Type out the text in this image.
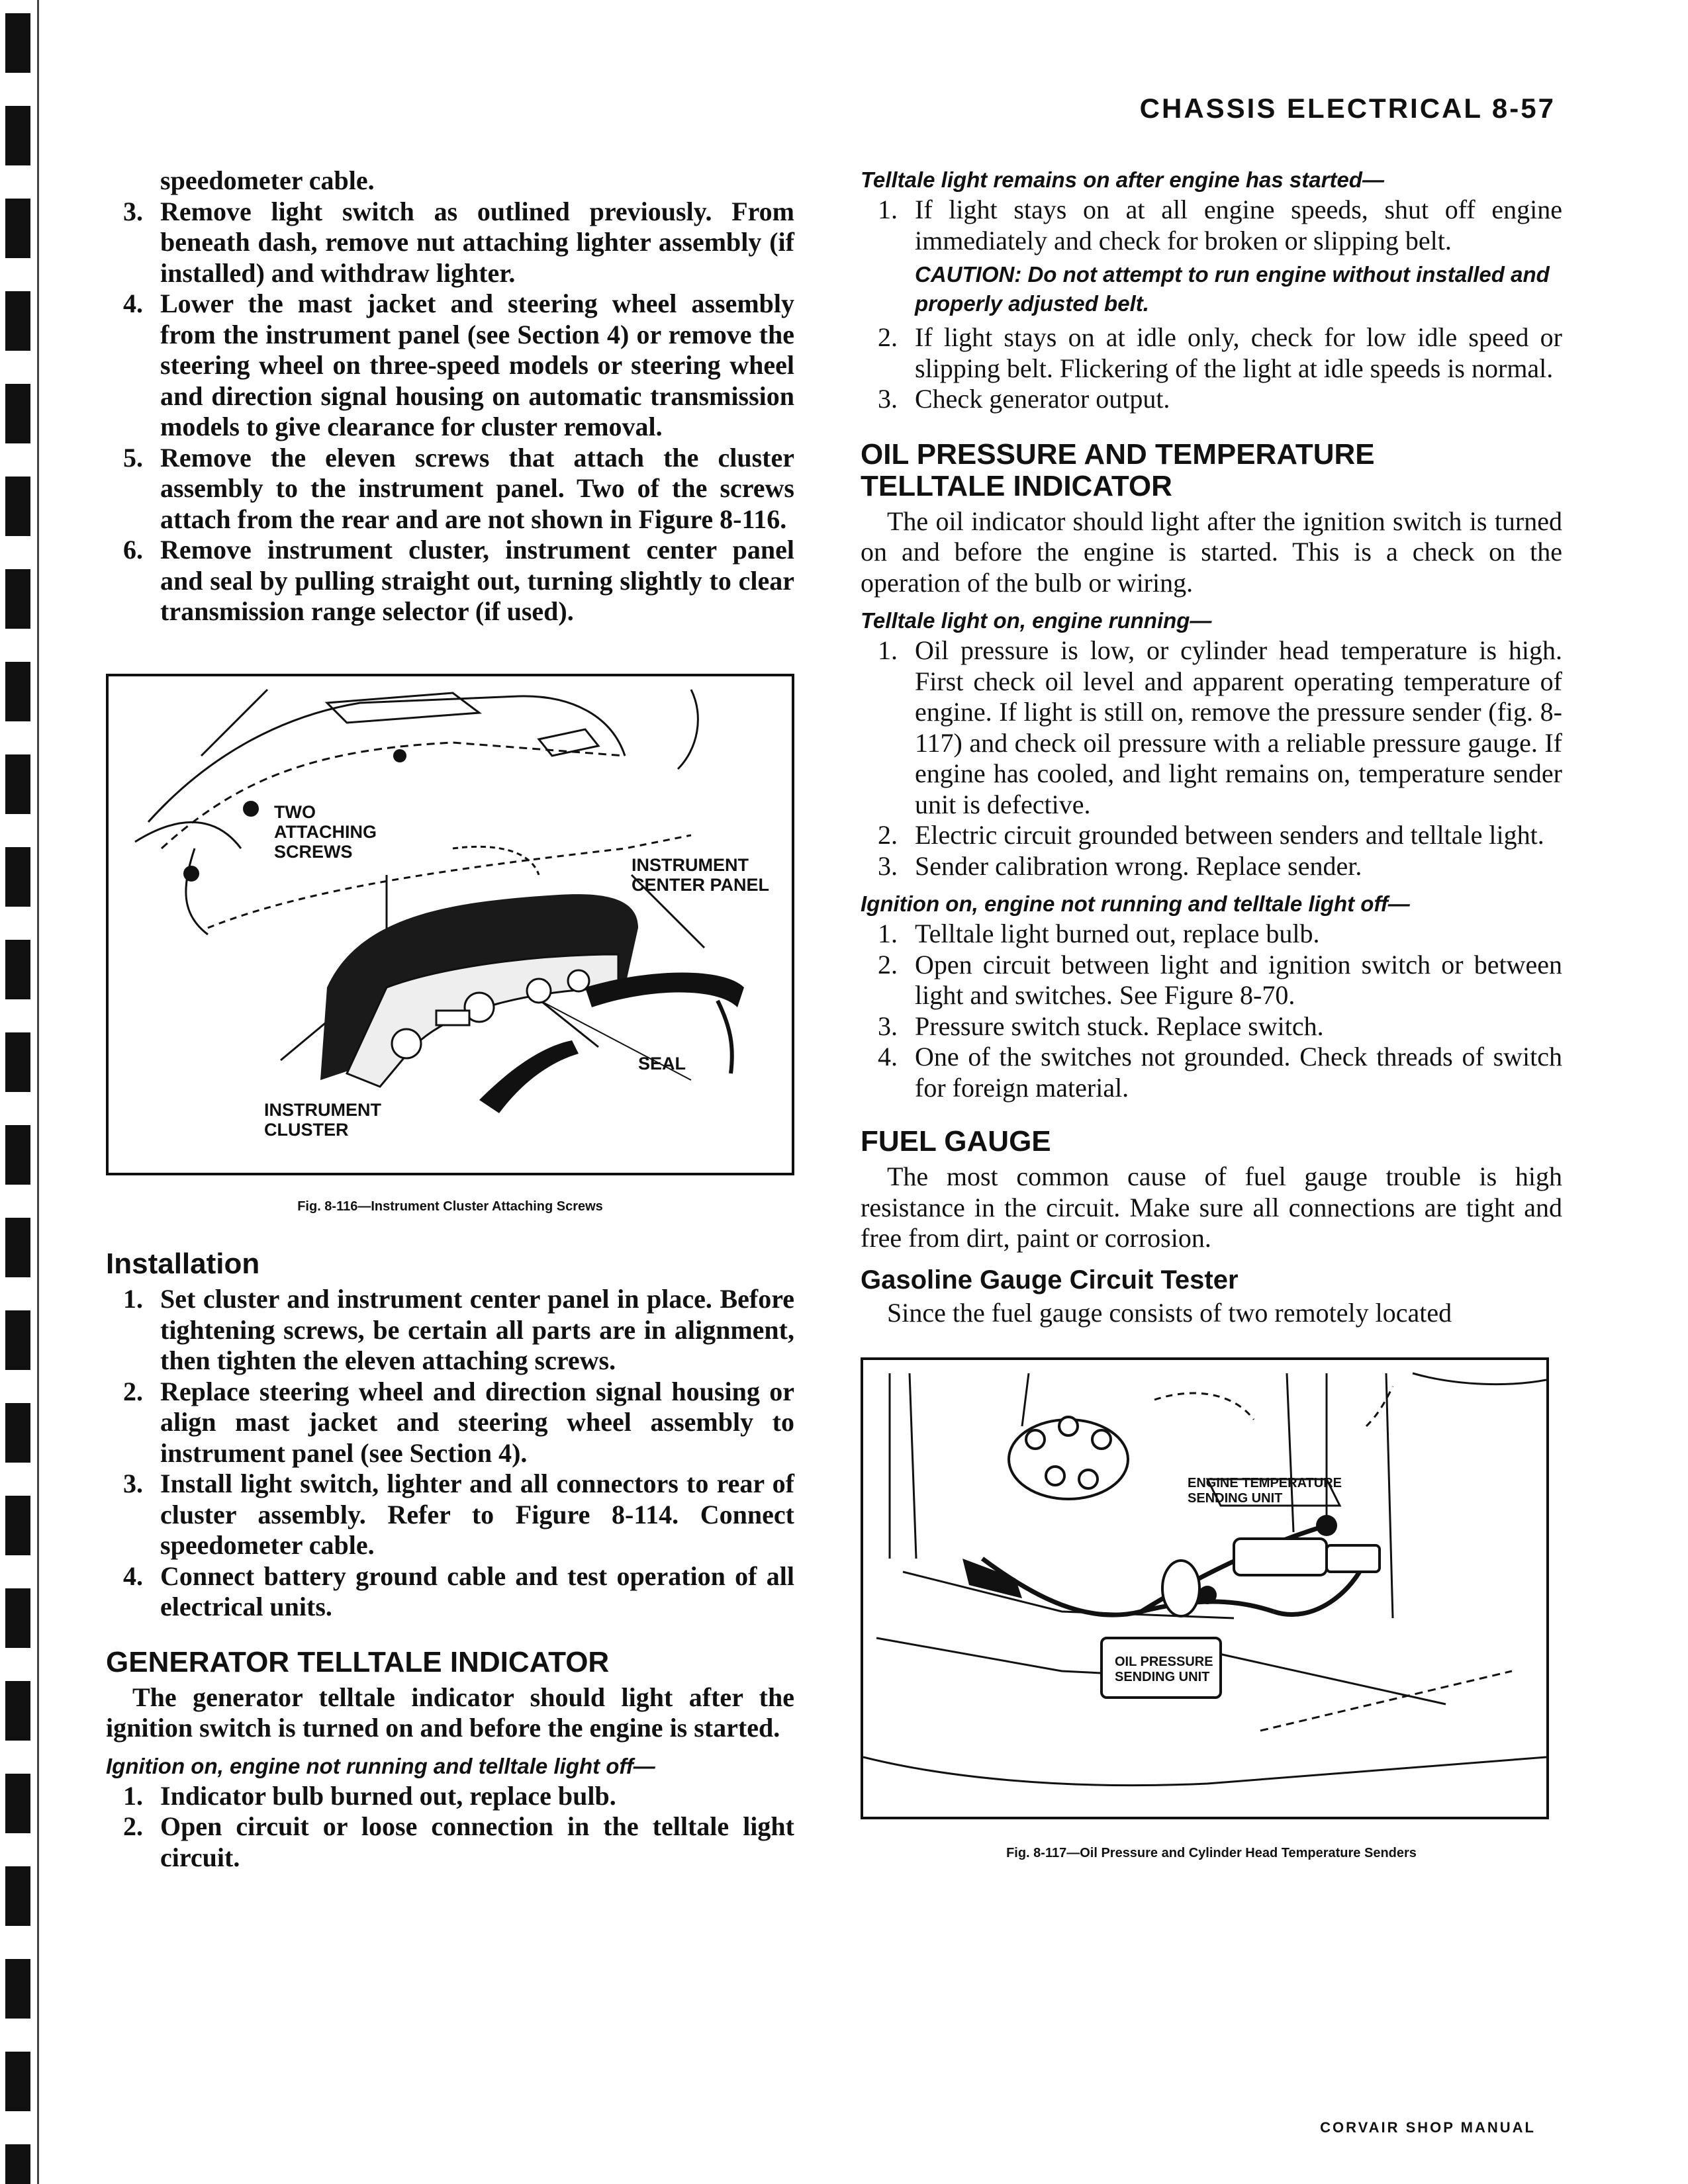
CHASSIS ELECTRICAL 8-57

speedometer cable.

3. Remove light switch as outlined previously. From beneath dash, remove nut attaching lighter assembly (if installed) and withdraw lighter.
4. Lower the mast jacket and steering wheel assembly from the instrument panel (see Section 4) or remove the steering wheel on three-speed models or steering wheel and direction signal housing on automatic transmission models to give clearance for cluster removal.
5. Remove the eleven screws that attach the cluster assembly to the instrument panel. Two of the screws attach from the rear and are not shown in Figure 8-116.
6. Remove instrument cluster, instrument center panel and seal by pulling straight out, turning slightly to clear transmission range selector (if used).
TWO
ATTACHING
SCREWS
INSTRUMENT
CENTER PANEL
SEAL
INSTRUMENT
CLUSTER
Fig. 8-116—Instrument Cluster Attaching Screws
Installation
1. Set cluster and instrument center panel in place. Before tightening screws, be certain all parts are in alignment, then tighten the eleven attaching screws.
2. Replace steering wheel and direction signal housing or align mast jacket and steering wheel assembly to instrument panel (see Section 4).
3. Install light switch, lighter and all connectors to rear of cluster assembly. Refer to Figure 8-114. Connect speedometer cable.
4. Connect battery ground cable and test operation of all electrical units.
GENERATOR TELLTALE INDICATOR

The generator telltale indicator should light after the ignition switch is turned on and before the engine is started.

Ignition on, engine not running and telltale light off—
1. Indicator bulb burned out, replace bulb.
2. Open circuit or loose connection in the telltale light circuit.
Telltale light remains on after engine has started—
1. If light stays on at all engine speeds, shut off engine immediately and check for broken or slipping belt.
CAUTION: Do not attempt to run engine without installed and properly adjusted belt.
2. If light stays on at idle only, check for low idle speed or slipping belt. Flickering of the light at idle speeds is normal.
3. Check generator output.
OIL PRESSURE AND TEMPERATURE
TELLTALE INDICATOR

The oil indicator should light after the ignition switch is turned on and before the engine is started. This is a check on the operation of the bulb or wiring.

Telltale light on, engine running—
1. Oil pressure is low, or cylinder head temperature is high. First check oil level and apparent operating temperature of engine. If light is still on, remove the pressure sender (fig. 8-117) and check oil pressure with a reliable pressure gauge. If engine has cooled, and light remains on, temperature sender unit is defective.
2. Electric circuit grounded between senders and telltale light.
3. Sender calibration wrong. Replace sender.
Ignition on, engine not running and telltale light off—
1. Telltale light burned out, replace bulb.
2. Open circuit between light and ignition switch or between light and switches. See Figure 8-70.
3. Pressure switch stuck. Replace switch.
4. One of the switches not grounded. Check threads of switch for foreign material.
FUEL GAUGE

The most common cause of fuel gauge trouble is high resistance in the circuit. Make sure all connections are tight and free from dirt, paint or corrosion.

Gasoline Gauge Circuit Tester

Since the fuel gauge consists of two remotely located

ENGINE TEMPERATURE
SENDING UNIT
OIL PRESSURE
SENDING UNIT
Fig. 8-117—Oil Pressure and Cylinder Head Temperature Senders
CORVAIR SHOP MANUAL
